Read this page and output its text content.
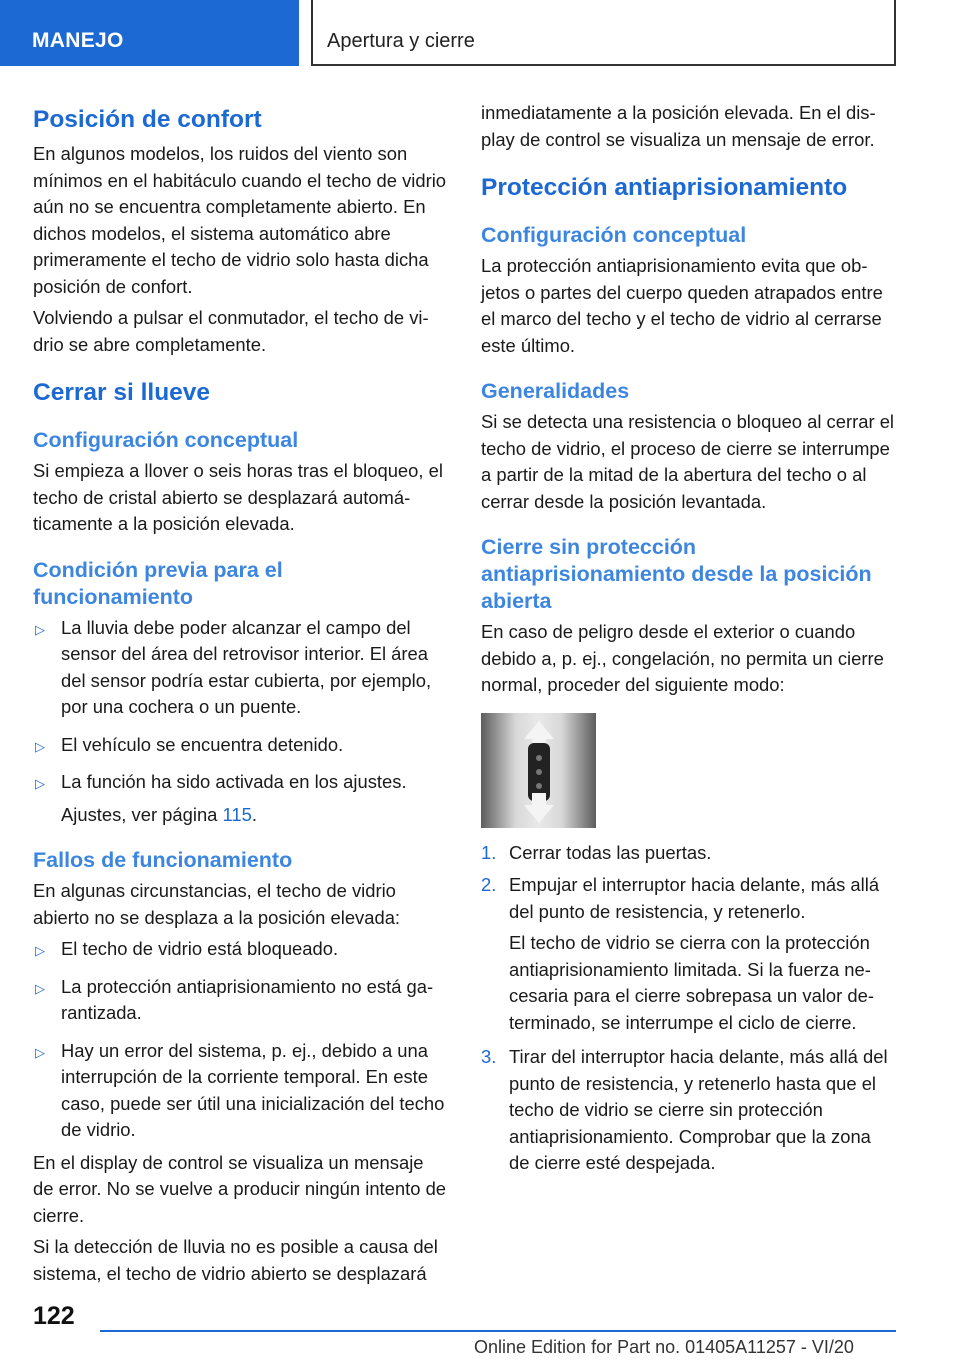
MANEJO	Apertura y cierre
Posición de confort

En algunos modelos, los ruidos del viento son mínimos en el habitáculo cuando el techo de vidrio aún no se encuentra completamente abierto. En dichos modelos, el sistema automático abre primeramente el techo de vidrio solo hasta dicha posición de confort.

Volviendo a pulsar el conmutador, el techo de vidrio se abre completamente.

Cerrar si llueve
Configuración conceptual

Si empieza a llover o seis horas tras el bloqueo, el techo de cristal abierto se desplazará automáticamente a la posición elevada.

Condición previa para el funcionamiento
▷ La lluvia debe poder alcanzar el campo del sensor del área del retrovisor interior. El área del sensor podría estar cubierta, por ejemplo, por una cochera o un puente.
▷ El vehículo se encuentra detenido.
▷ La función ha sido activada en los ajustes.
Ajustes, ver página 115.
Fallos de funcionamiento

En algunas circunstancias, el techo de vidrio abierto no se desplaza a la posición elevada:

▷ El techo de vidrio está bloqueado.
▷ La protección antiaprisionamiento no está garantizada.
▷ Hay un error del sistema, p. ej., debido a una interrupción de la corriente temporal. En este caso, puede ser útil una inicialización del techo de vidrio.

En el display de control se visualiza un mensaje de error. No se vuelve a producir ningún intento de cierre.

Si la detección de lluvia no es posible a causa del sistema, el techo de vidrio abierto se desplazará

inmediatamente a la posición elevada. En el display de control se visualiza un mensaje de error.

Protección antiaprisionamiento
Configuración conceptual

La protección antiaprisionamiento evita que objetos o partes del cuerpo queden atrapados entre el marco del techo y el techo de vidrio al cerrarse este último.

Generalidades

Si se detecta una resistencia o bloqueo al cerrar el techo de vidrio, el proceso de cierre se interrumpe a partir de la mitad de la abertura del techo o al cerrar desde la posición levantada.

Cierre sin protección antiaprisionamiento desde la posición abierta

En caso de peligro desde el exterior o cuando debido a, p. ej., congelación, no permita un cierre normal, proceder del siguiente modo:

1. Cerrar todas las puertas.
2. Empujar el interruptor hacia delante, más allá del punto de resistencia, y retenerlo.
El techo de vidrio se cierra con la protección antiaprisionamiento limitada. Si la fuerza necesaria para el cierre sobrepasa un valor determinado, se interrumpe el ciclo de cierre.
3. Tirar del interruptor hacia delante, más allá del punto de resistencia, y retenerlo hasta que el techo de vidrio se cierre sin protección antiaprisionamiento. Comprobar que la zona de cierre esté despejada.
122
Online Edition for Part no. 01405A11257 - VI/20
